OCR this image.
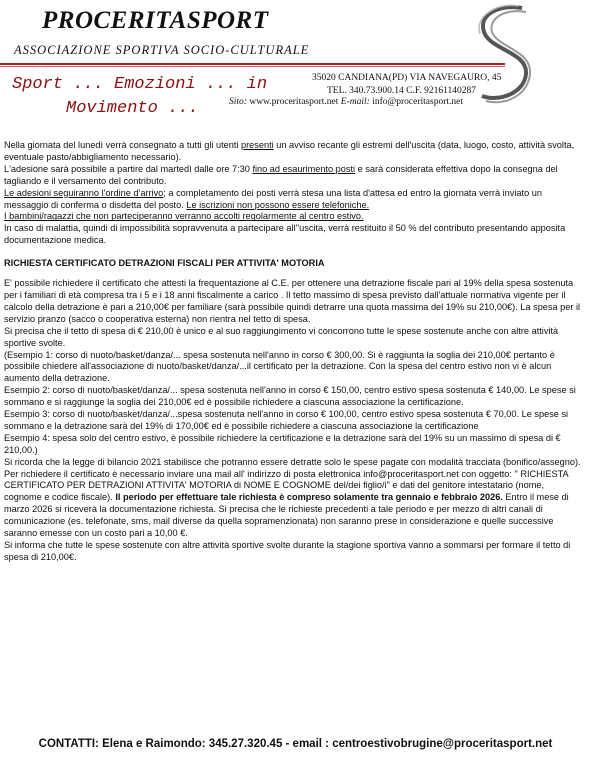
PROCERITASPORT
ASSOCIAZIONE SPORTIVA SOCIO-CULTURALE
Sport ... Emozioni ... in
Movimento ...
35020 CANDIANA(PD) VIA NAVEGAURO, 45
TEL. 340.73.900.14 C.F. 92161140287
Sito: www.proceritasport.net E-mail: info@proceritasport.net

Nella giornata del lunedì verrà consegnato a tutti gli utenti presenti un avviso recante gli estremi dell'uscita (data, luogo, costo, attività svolta, eventuale pasto/abbigliamento necessario).

L'adesione sarà possibile a partire dal martedì dalle ore 7:30 fino ad esaurimento posti e sarà considerata effettiva dopo la consegna del tagliando e il versamento del contributo.

Le adesioni seguiranno l'ordine d'arrivo; a completamento dei posti verrà stesa una lista d'attesa ed entro la giornata verrà inviato un messaggio di conferma o disdetta del posto. Le iscrizioni non possono essere telefoniche.

I bambini/ragazzi che non parteciperanno verranno accolti regolarmente al centro estivo.

In caso di malattia, quindi di impossibilità sopravvenuta a partecipare all''uscita, verrà restituito il 50 % del contributo presentando apposita documentazione medica.

RICHIESTA CERTIFICATO DETRAZIONI FISCALI PER ATTIVITA' MOTORIA

E' possibile richiedere il certificato che attesti la frequentazione al C.E. per ottenere una detrazione fiscale pari al 19% della spesa sostenuta per i familiari di età compresa tra i 5 e i 18 anni fiscalmente a carico . Il tetto massimo di spesa previsto dall'attuale normativa vigente per il calcolo della detrazione è pari a 210,00€ per familiare (sarà possibile quindi detrarre una quota massima del 19% su 210,00€). La spesa per il servizio pranzo (sacco o cooperativa esterna) non rientra nel tetto di spesa.

Si precisa che il tetto di spesa di € 210,00 è unico e al suo raggiungimento vi concorrono tutte le spese sostenute anche con altre attività sportive svolte.

(Esempio 1: corso di nuoto/basket/danza/... spesa sostenuta nell'anno in corso € 300,00. Si è raggiunta la soglia dei 210,00€ pertanto è possibile chiedere all'associazione di nuoto/basket/danza/...il certificato per la detrazione. Con la spesa del centro estivo non vi è alcun aumento della detrazione.

Esempio 2: corso di nuoto/basket/danza/... spesa sostenuta nell'anno in corso € 150,00, centro estivo spesa sostenuta € 140,00. Le spese si sommano e si raggiunge la soglia dei 210,00€ ed è possibile richiedere a ciascuna associazione la certificazione.

Esempio 3: corso di nuoto/basket/danza/...spesa sostenuta nell'anno in corso € 100,00, centro estivo spesa sostenuta € 70,00. Le spese si sommano e la detrazione sarà del 19% di 170,00€ ed è possibile richiedere a ciascuna associazione la certificazione

Esempio 4: spesa solo del centro estivo, è possibile richiedere la certificazione e la detrazione sarà del 19% su un massimo di spesa di € 210,00.)

Si ricorda che la legge di bilancio 2021 stabilisce che potranno essere detratte solo le spese pagate con modalità tracciata (bonifico/assegno).

Per richiedere il certificato è necessario inviare una mail all' indirizzo di posta elettronica info@proceritasport.net con oggetto: " RICHIESTA CERTIFICATO PER DETRAZIONI ATTIVITA' MOTORIA di NOME E COGNOME del/dei figlio/i" e dati del genitore intestatario (nome, cognome e codice fiscale). Il periodo per effettuare tale richiesta è compreso solamente tra gennaio e febbraio 2026. Entro il mese di marzo 2026 si riceverà la documentazione richiesta. Si precisa che le richieste precedenti a tale periodo e per mezzo di altri canali di comunicazione (es. telefonate, sms, mail diverse da quella sopramenzionata) non saranno prese in considerazione e quelle successive saranno emesse con un costo pari a 10,00 €.

Si informa che tutte le spese sostenute con altre attività sportive svolte durante la stagione sportiva vanno a sommarsi per formare il tetto di spesa di 210,00€.

CONTATTI: Elena e Raimondo: 345.27.320.45 - email : centroestivobrugine@proceritasport.net
